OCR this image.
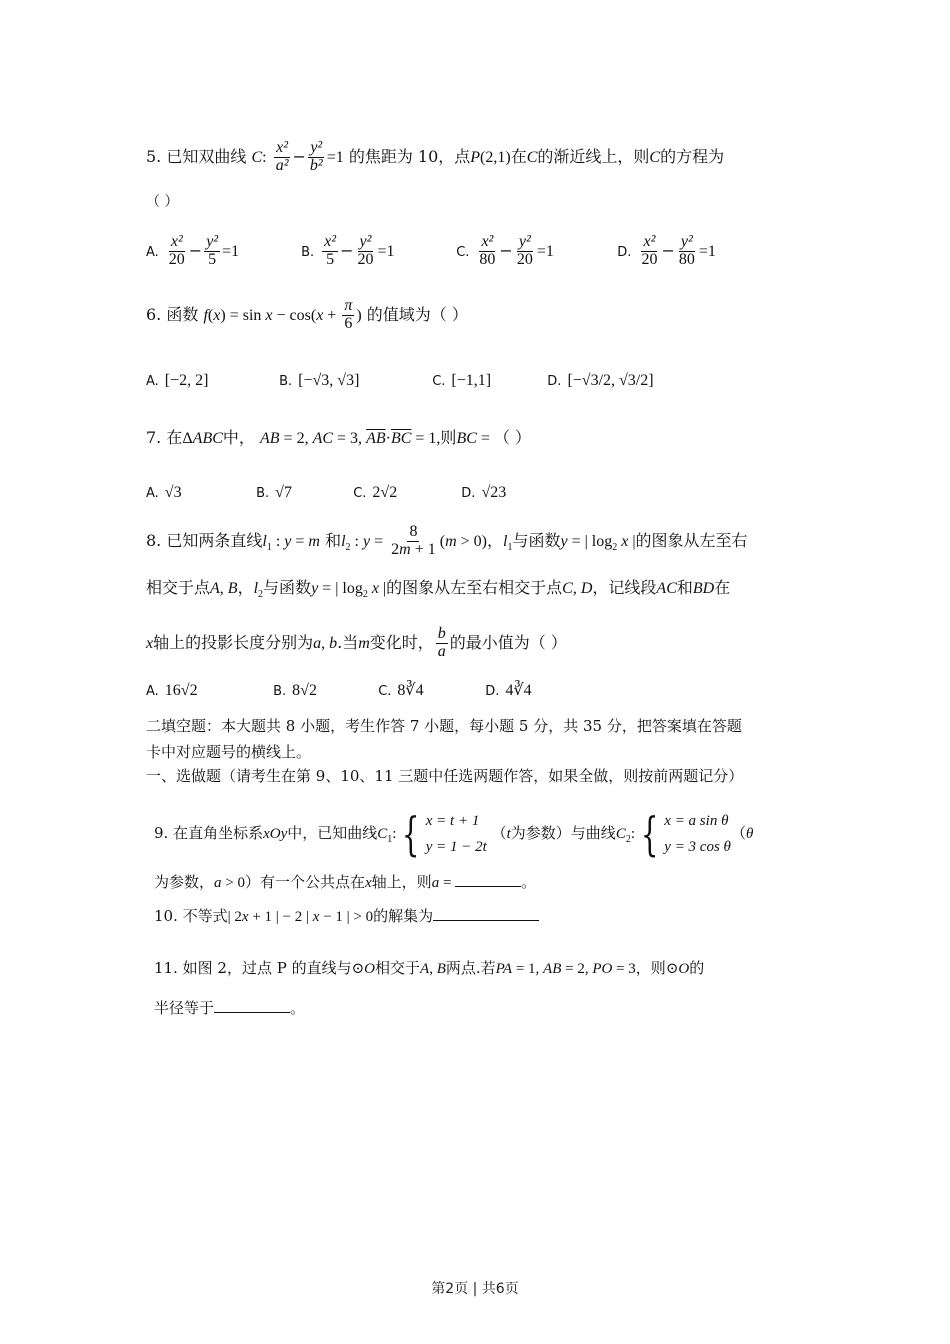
5. 已知双曲线 C: $\frac{\text{x²}}{\text{a²}} - \frac{\text{y²}}{\text{b²}} =1$ 的焦距为 10，点P(2,1)在C的渐近线上，则C的方程为
（ ）
A. $\frac{\text{x²}}{20} - \frac{\text{y²}}{5} =1$	B. $\frac{\text{x²}}{5} - \frac{\text{y²}}{20} =1$	C. $\frac{\text{x²}}{80} - \frac{\text{y²}}{20} =1$	D. $\frac{\text{x²}}{20} - \frac{\text{y²}}{80} =1$
6. 函数 $f(x) = \sin x - \cos(x + \frac{\pi}{6}$ ) 的值域为（ ）
A. [−2, 2]	B. [−√3, √3]	C. [−1,1]	D. [−√3/2, √3/2]
7. 在ΔABC中， AB = 2, AC = 3, $\overline{AB}\cdot\overline{BC} = 1$,则BC = （ ）
A. √3	B. √7	C. 2√2	D. √23
8. 已知两条直线$l_1$ : y = m 和$l_2$ : $y = \frac{8}{2m + 1} (m > 0)$，$l_1$与函数y = | $\log_2 x$ |的图象从左至右
相交于点A, B，$l_2$与函数y = | $\log_2 x$ |的图象从左至右相交于点C, D，记线段AC和BD在
x轴上的投影长度分别为a, b.当m变化时， $\frac{b}{a}$ 的最小值为（ ）
A. 16√2	B. 8√2	C. 8∛4	D. 4∛4
二填空题：本大题共 8 小题，考生作答 7 小题，每小题 5 分，共 35 分，把答案填在答题
卡中对应题号的横线上。
一、选做题（请考生在第 9、10、11 三题中任选两题作答，如果全做，则按前两题记分）
9. 在直角坐标系xOy中，已知曲线$C_1$: { x = t + 1
y = 1 − 2t
（t为参数）与曲线$C_2$: { x = a sin θ
y = 3 cos θ
（θ
为参数，a > 0）有一个公共点在x轴上，则a =	。
10. 不等式| 2x + 1 | − 2 | x − 1 | > 0的解集为
11. 如图 2，过点 P 的直线与⊙O相交于A, B两点.若PA = 1, AB = 2, PO = 3，则⊙O的
半径等于	。
第2页 | 共6页
